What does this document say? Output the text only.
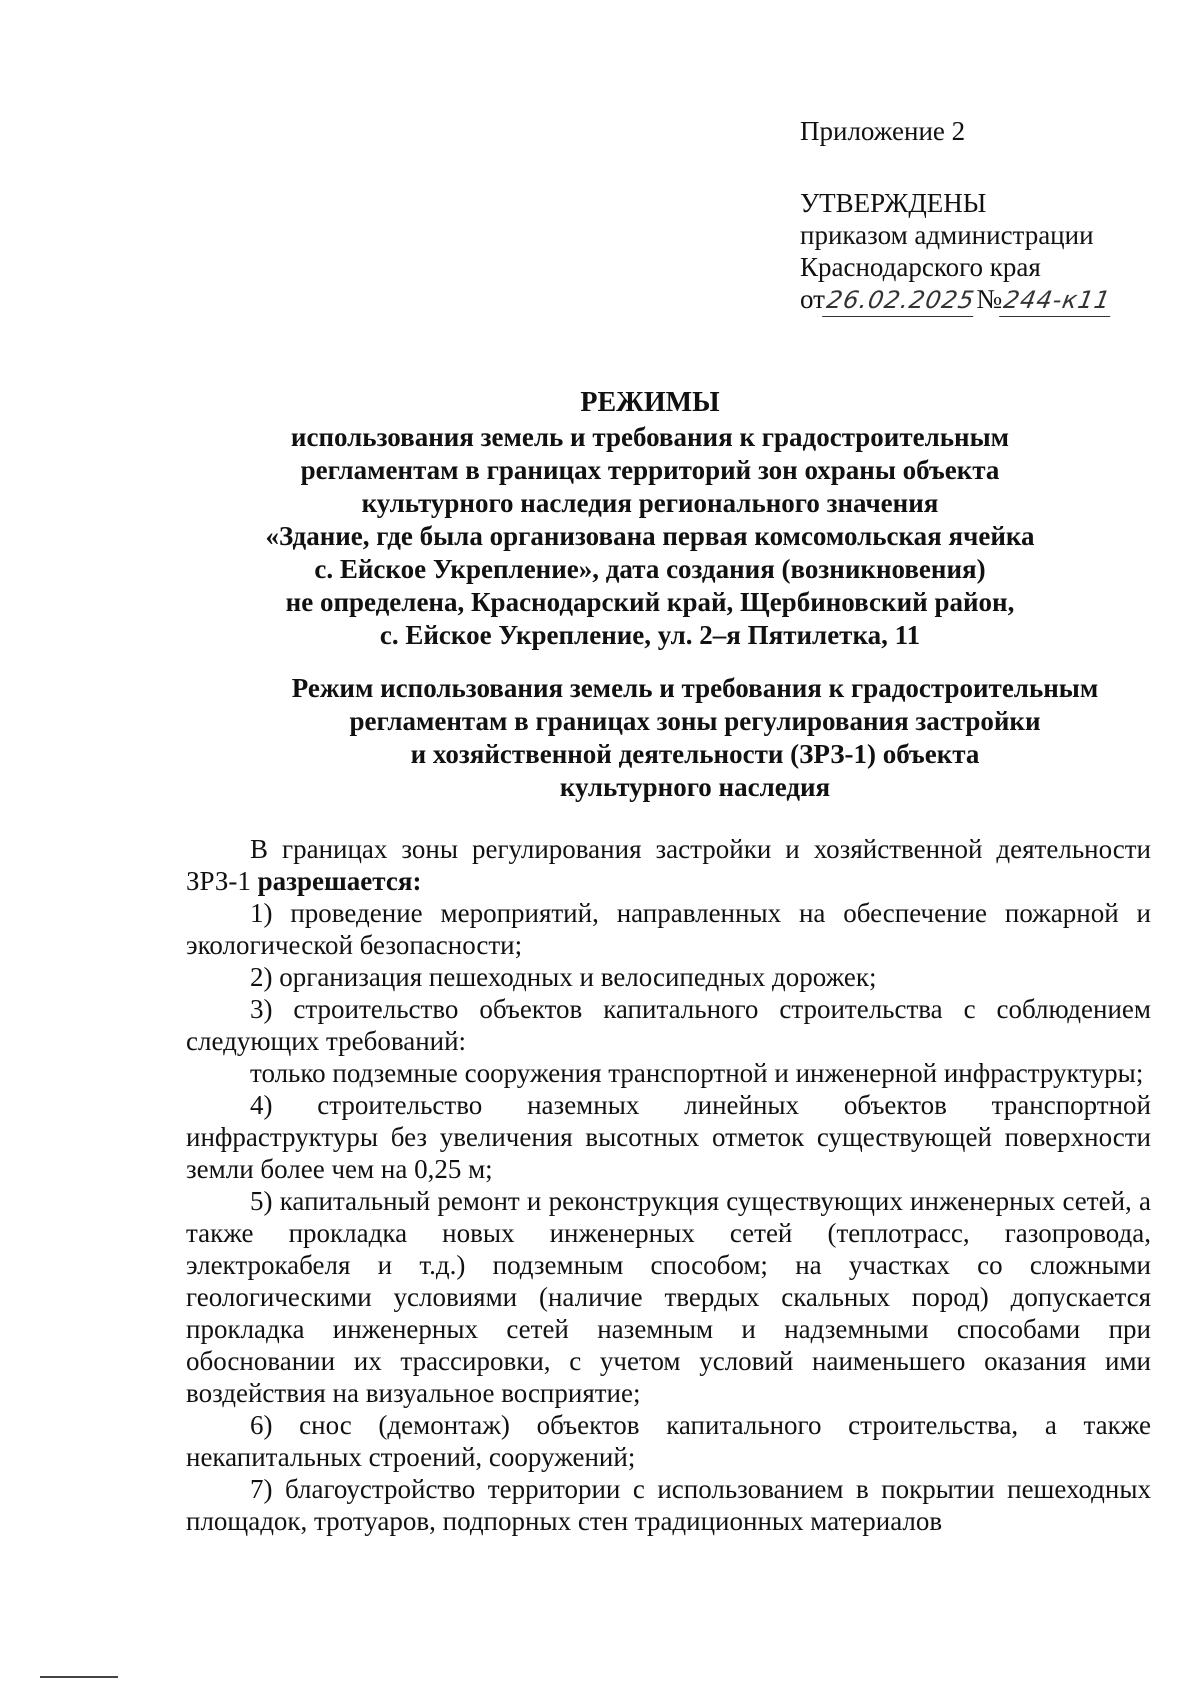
Приложение 2
УТВЕРЖДЕНЫ
приказом администрации
Краснодарского края
от26.02.2025№244-к11
РЕЖИМЫ
использования земель и требования к градостроительным
регламентам в границах территорий зон охраны объекта
культурного наследия регионального значения
«Здание, где была организована первая комсомольская ячейка
с. Ейское Укрепление», дата создания (возникновения)
не определена, Краснодарский край, Щербиновский район,
с. Ейское Укрепление, ул. 2–я Пятилетка, 11
Режим использования земель и требования к градостроительным
регламентам в границах зоны регулирования застройки
и хозяйственной деятельности (ЗРЗ-1) объекта
культурного наследия

В границах зоны регулирования застройки и хозяйственной деятельности ЗРЗ-1 разрешается:

1) проведение мероприятий, направленных на обеспечение пожарной и экологической безопасности;

2) организация пешеходных и велосипедных дорожек;

3) строительство объектов капитального строительства с соблюдением следующих требований:

только подземные сооружения транспортной и инженерной инфраструктуры;

4) строительство наземных линейных объектов транспортной инфраструктуры без увеличения высотных отметок существующей поверхности земли более чем на 0,25 м;

5) капитальный ремонт и реконструкция существующих инженерных сетей, а также прокладка новых инженерных сетей (теплотрасс, газопровода, электрокабеля и т.д.) подземным способом; на участках со сложными геологическими условиями (наличие твердых скальных пород) допускается прокладка инженерных сетей наземным и надземными способами при обосновании их трассировки, с учетом условий наименьшего оказания ими воздействия на визуальное восприятие;

6) снос (демонтаж) объектов капитального строительства, а также некапитальных строений, сооружений;

7) благоустройство территории с использованием в покрытии пешеходных площадок, тротуаров, подпорных стен традиционных материалов
